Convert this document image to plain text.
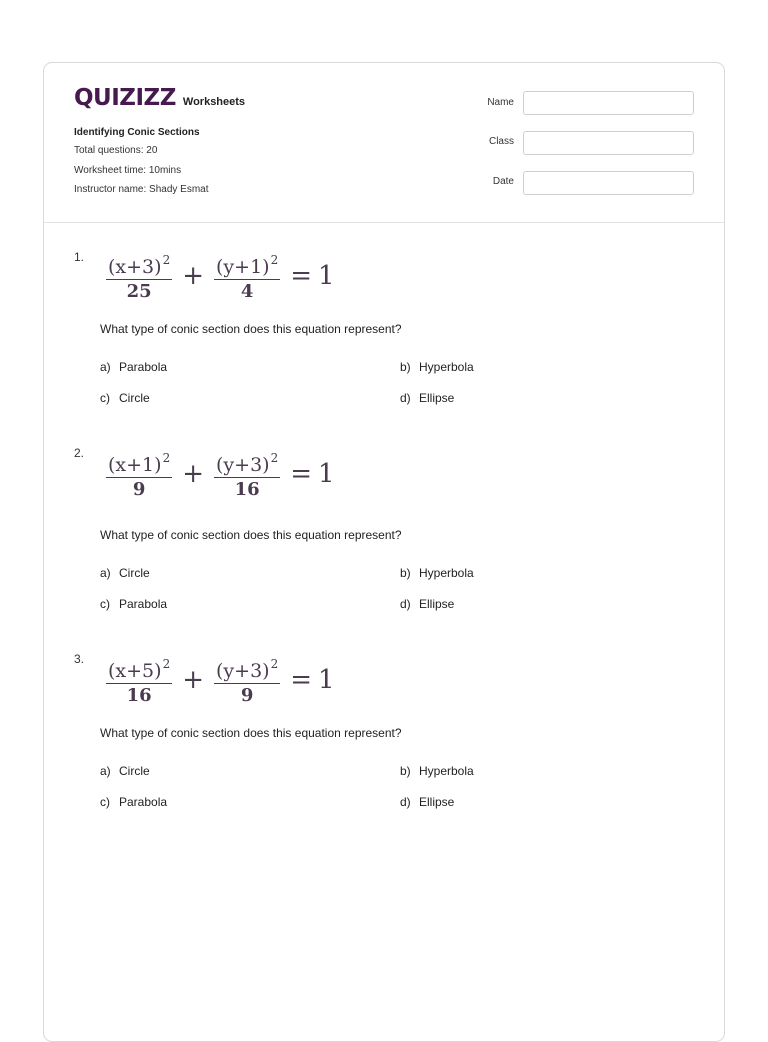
QUIZIZZ Worksheets
Identifying Conic Sections
Total questions: 20
Worksheet time: 10mins
Instructor name: Shady Esmat
Name
Class
Date
1. $\frac{(x+3)^2}{25} + \frac{(y+1)^2}{4} = 1$
What type of conic section does this equation represent?
a) Parabola	b) Hyperbola
c) Circle	d) Ellipse
2. $\frac{(x+1)^2}{9} + \frac{(y+3)^2}{16} = 1$
What type of conic section does this equation represent?
a) Circle	b) Hyperbola
c) Parabola	d) Ellipse
3. $\frac{(x+5)^2}{16} + \frac{(y+3)^2}{9} = 1$
What type of conic section does this equation represent?
a) Circle	b) Hyperbola
c) Parabola	d) Ellipse
